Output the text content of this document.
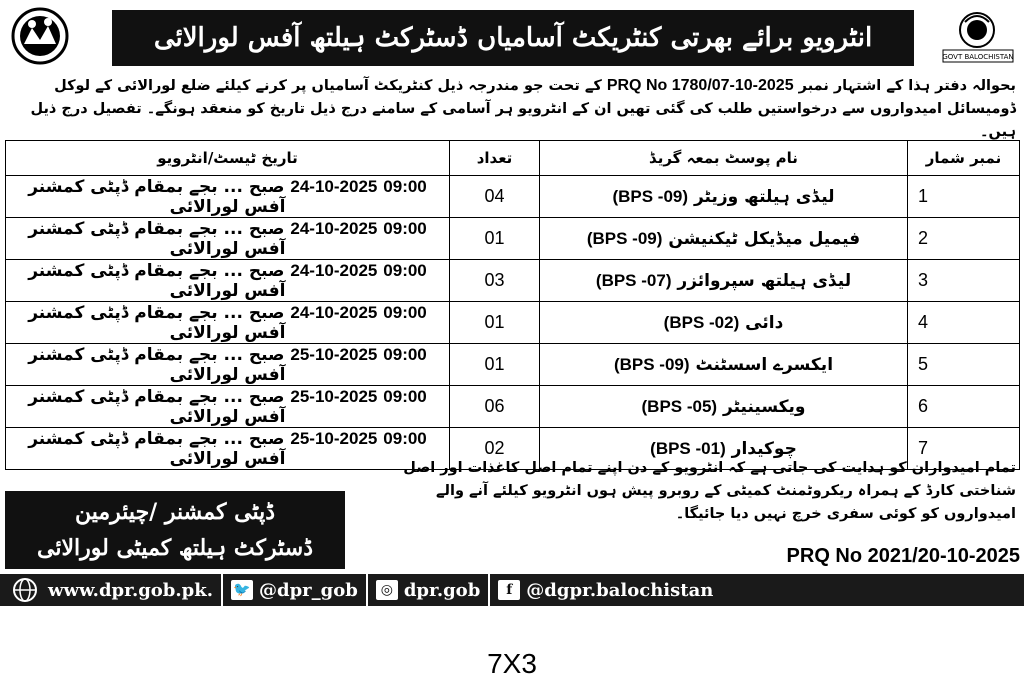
انٹرویو برائے بھرتی کنٹریکٹ آسامیاں ڈسٹرکٹ ہیلتھ آفس لورالائی
GOVT BALOCHISTAN
بحوالہ دفتر ہذا کے اشتہار نمبر PRQ No 1780/07-10-2025 کے تحت جو مندرجہ ذیل کنٹریکٹ آسامیاں پر کرنے کیلئے ضلع لورالائی کے لوکل ڈومیسائل امیدواروں سے درخواستیں طلب کی گئی تھیں ان کے انٹرویو ہر آسامی کے سامنے درج ذیل تاریخ کو منعقد ہونگے۔ تفصیل درج ذیل ہیں۔
نمبر شمار	نام پوسٹ بمعہ گریڈ	تعداد	تاریخ ٹیسٹ/انٹرویو
1	لیڈی ہیلتھ وزیٹر (BPS -09)	04	24-10-2025 09:00 صبح ... بجے بمقام ڈپٹی کمشنر آفس لورالائی
2	فیمیل میڈیکل ٹیکنیشن (BPS -09)	01	24-10-2025 09:00 صبح ... بجے بمقام ڈپٹی کمشنر آفس لورالائی
3	لیڈی ہیلتھ سپروائزر (BPS -07)	03	24-10-2025 09:00 صبح ... بجے بمقام ڈپٹی کمشنر آفس لورالائی
4	دائی (BPS -02)	01	24-10-2025 09:00 صبح ... بجے بمقام ڈپٹی کمشنر آفس لورالائی
5	ایکسرے اسسٹنٹ (BPS -09)	01	25-10-2025 09:00 صبح ... بجے بمقام ڈپٹی کمشنر آفس لورالائی
6	ویکسینیٹر (BPS -05)	06	25-10-2025 09:00 صبح ... بجے بمقام ڈپٹی کمشنر آفس لورالائی
7	چوکیدار (BPS -01)	02	25-10-2025 09:00 صبح ... بجے بمقام ڈپٹی کمشنر آفس لورالائی	تمام امیدواران کو ہدایت کی جاتی ہے کہ انٹرویو کے دن اپنے تمام اصل کاغذات اور اصل شناختی کارڈ کے ہمراہ ریکروٹمنٹ کمیٹی کے روبرو پیش ہوں انٹرویو کیلئے آنے والے امیدواروں کو کوئی سفری خرچ نہیں دیا جائیگا۔
ڈپٹی کمشنر /چیئرمین
ڈسٹرکٹ ہیلتھ کمیٹی لورالائی	PRQ No 2021/20-10-2025
www.dpr.gob.pk. 🐦 @dpr_gob	◎ dpr.gob	f @dgpr.balochistan
7X3
